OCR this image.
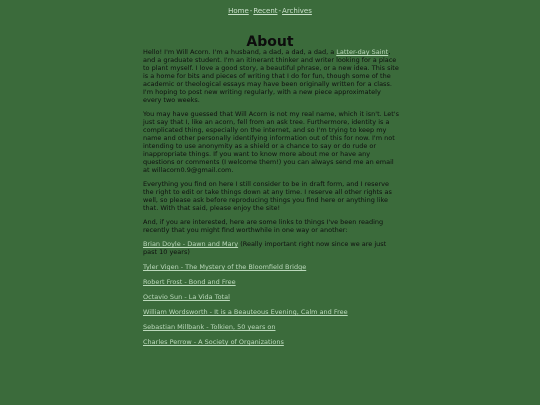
Home-Recent-Archives
About

Hello! I'm Will Acorn. I'm a husband, a dad, a dad, a dad, a Latter-day Saint, and a graduate student. I'm an itinerant thinker and writer looking for a place to plant myself. I love a good story, a beautiful phrase, or a new idea. This site is a home for bits and pieces of writing that I do for fun, though some of the academic or theological essays may have been originally written for a class. I'm hoping to post new writing regularly, with a new piece approximately every two weeks.

You may have guessed that Will Acorn is not my real name, which it isn't. Let's just say that I, like an acorn, fell from an ask tree. Furthermore, identity is a complicated thing, especially on the internet, and so I'm trying to keep my name and other personally identifying information out of this for now. I'm not intending to use anonymity as a shield or a chance to say or do rude or inappropriate things. If you want to know more about me or have any questions or comments (I welcome them!) you can always send me an email at willacorn0.9@gmail.com.

Everything you find on here I still consider to be in draft form, and I reserve the right to edit or take things down at any time. I reserve all other rights as well, so please ask before reproducing things you find here or anything like that. With that said, please enjoy the site!

And, if you are interested, here are some links to things I've been reading recently that you might find worthwhile in one way or another:

Brian Doyle - Dawn and Mary (Really important right now since we are just past 10 years)

Tyler Vigen - The Mystery of the Bloomfield Bridge

Robert Frost - Bond and Free

Octavio Sun - La Vida Total

William Wordsworth - It is a Beauteous Evening, Calm and Free

Sebastian Millbank - Tolkien, 50 years on

Charles Perrow - A Society of Organizations
